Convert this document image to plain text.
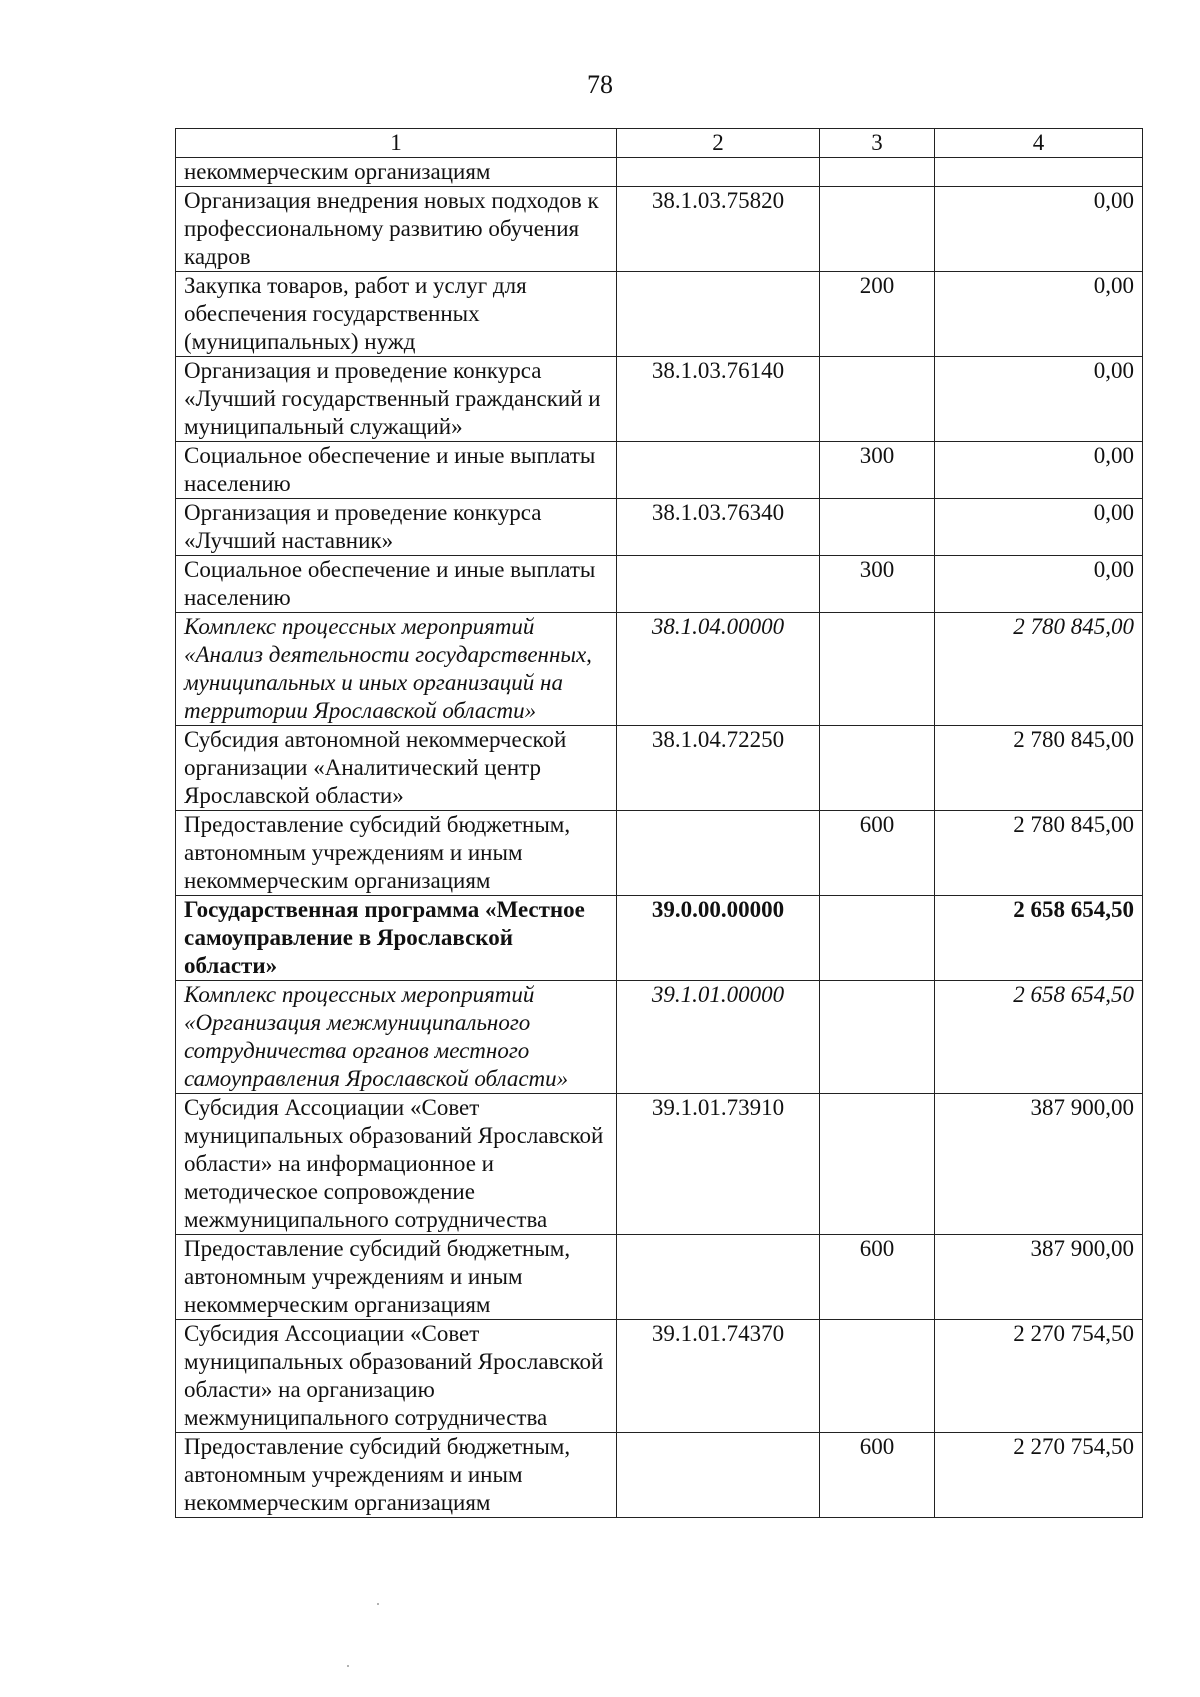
78
1	2	3	4
некоммерческим организациям			
Организация внедрения новых подходов к профессиональному развитию обучения кадров	38.1.03.75820		0,00
Закупка товаров, работ и услуг для обеспечения государственных (муниципальных) нужд		200	0,00
Организация и проведение конкурса «Лучший государственный гражданский и муниципальный служащий»	38.1.03.76140		0,00
Социальное обеспечение и иные выплаты населению		300	0,00
Организация и проведение конкурса «Лучший наставник»	38.1.03.76340		0,00
Социальное обеспечение и иные выплаты населению		300	0,00
Комплекс процессных мероприятий «Анализ деятельности государственных, муниципальных и иных организаций на территории Ярославской области»	38.1.04.00000		2 780 845,00
Субсидия автономной некоммерческой организации «Аналитический центр Ярославской области»	38.1.04.72250		2 780 845,00
Предоставление субсидий бюджетным, автономным учреждениям и иным некоммерческим организациям		600	2 780 845,00
Государственная программа «Местное самоуправление в Ярославской области»	39.0.00.00000		2 658 654,50
Комплекс процессных мероприятий «Организация межмуниципального сотрудничества органов местного самоуправления Ярославской области»	39.1.01.00000		2 658 654,50
Субсидия Ассоциации «Совет муниципальных образований Ярославской области» на информационное и методическое сопровождение межмуниципального сотрудничества	39.1.01.73910		387 900,00
Предоставление субсидий бюджетным, автономным учреждениям и иным некоммерческим организациям		600	387 900,00
Субсидия Ассоциации «Совет муниципальных образований Ярославской области» на организацию межмуниципального сотрудничества	39.1.01.74370		2 270 754,50
Предоставление субсидий бюджетным, автономным учреждениям и иным некоммерческим организациям		600	2 270 754,50
